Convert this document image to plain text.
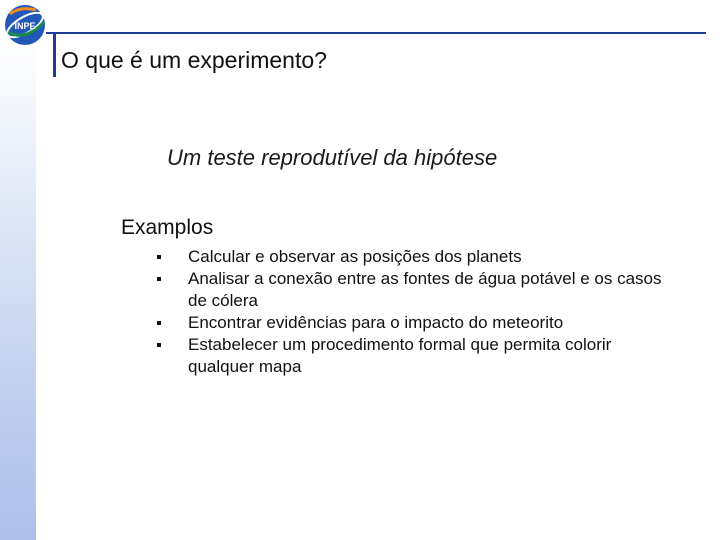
INPE
O que é um experimento?
Um teste reprodutível da hipótese
Examplos
Calcular e observar as posições dos planets
Analisar a conexão entre as fontes de água potável e os casos de cólera
Encontrar evidências para o impacto do meteorito
Estabelecer um procedimento formal que permita colorir qualquer mapa
